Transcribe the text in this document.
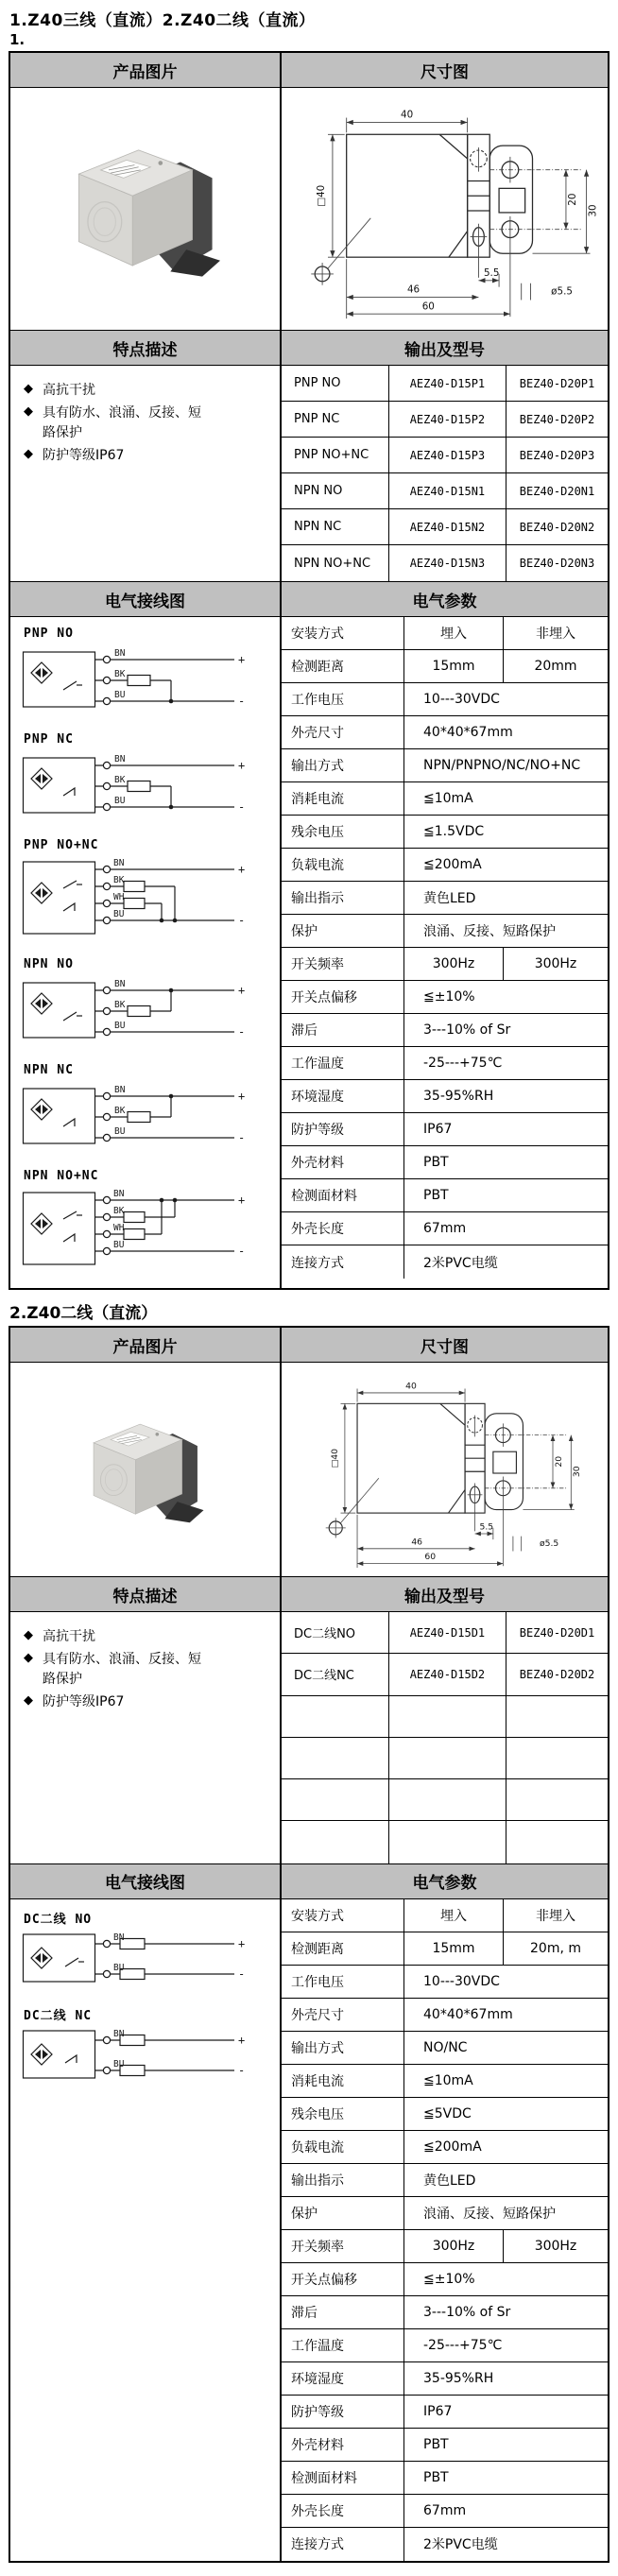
1.Z40三线（直流）2.Z40二线（直流）
1.
产品图片	尺寸图
40
□40	20
30
5.5
46
60
ø5.5
特点描述	输出及型号
◆ 高抗干扰
◆ 具有防水、浪涌、反接、短路保护
◆ 防护等级IP67
PNP NO	AEZ40-D15P1	BEZ40-D20P1
PNP NC	AEZ40-D15P2	BEZ40-D20P2
PNP NO+NC	AEZ40-D15P3	BEZ40-D20P3
NPN NO	AEZ40-D15N1	BEZ40-D20N1
NPN NC	AEZ40-D15N2	BEZ40-D20N2
NPN NO+NC	AEZ40-D15N3	BEZ40-D20N3
电气接线图	电气参数
PNP NO
BN	+
BK
BU	-
PNP NC
BN	+
BK
BU	-
PNP NO+NC
BN	+
BK
WH
BU	-
NPN NO
BN	+
BK
BU	-
NPN NC
BN	+
BK
BU	-
NPN NO+NC
BN	+
BK
WH
BU	-
安装方式	埋入	非埋入
检测距离	15mm	20mm
工作电压	10---30VDC
外壳尺寸	40*40*67mm
输出方式	NPN/PNPNO/NC/NO+NC
消耗电流	≦10mA
残余电压	≦1.5VDC
负载电流	≦200mA
输出指示	黄色LED
保护	浪涌、反接、短路保护
开关频率	300Hz	300Hz
开关点偏移	≦±10%
滞后	3---10% of Sr
工作温度	-25---+75℃
环境湿度	35-95%RH
防护等级	IP67
外壳材料	PBT
检测面材料	PBT
外壳长度	67mm
连接方式	2米PVC电缆
2.Z40二线（直流）
产品图片	尺寸图
40
□40	20
30
5.5
46
60
ø5.5
特点描述	输出及型号
◆ 高抗干扰
◆ 具有防水、浪涌、反接、短路保护
◆ 防护等级IP67
DC二线NO	AEZ40-D15D1	BEZ40-D20D1
DC二线NC	AEZ40-D15D2	BEZ40-D20D2
电气接线图	电气参数
DC二线 NO
BN	+
BU	-
DC二线 NC
BN	+
BU	-
安装方式	埋入	非埋入
检测距离	15mm	20m, m
工作电压	10---30VDC
外壳尺寸	40*40*67mm
输出方式	NO/NC
消耗电流	≦10mA
残余电压	≦5VDC
负载电流	≦200mA
输出指示	黄色LED
保护	浪涌、反接、短路保护
开关频率	300Hz	300Hz
开关点偏移	≦±10%
滞后	3---10% of Sr
工作温度	-25---+75℃
环境湿度	35-95%RH
防护等级	IP67
外壳材料	PBT
检测面材料	PBT
外壳长度	67mm
连接方式	2米PVC电缆
